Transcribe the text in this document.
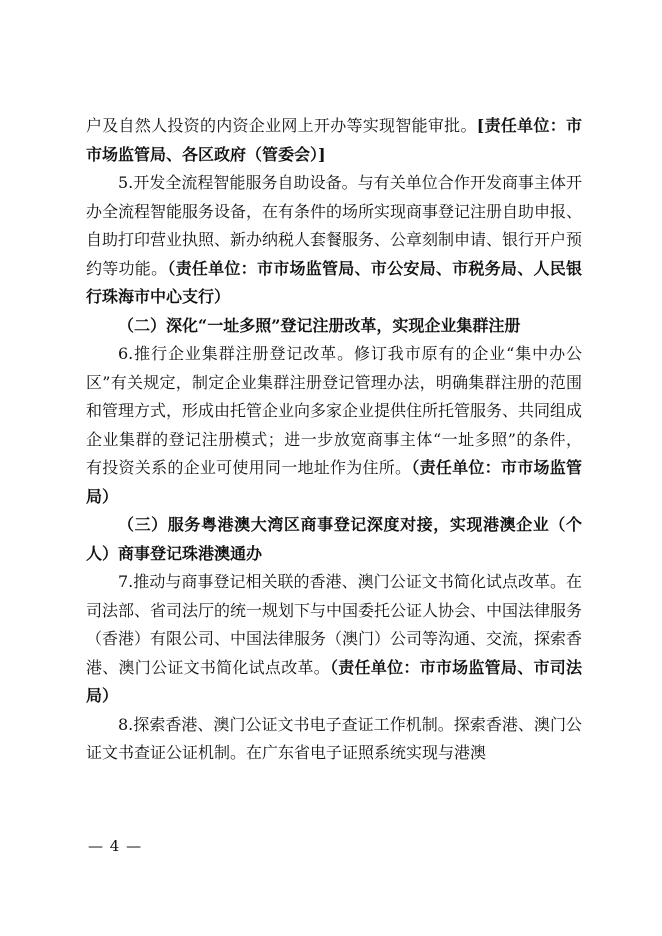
户及自然人投资的内资企业网上开办等实现智能审批。[责任单位：市市场监管局、各区政府（管委会）]

5.开发全流程智能服务自助设备。与有关单位合作开发商事主体开办全流程智能服务设备，在有条件的场所实现商事登记注册自助申报、自助打印营业执照、新办纳税人套餐服务、公章刻制申请、银行开户预约等功能。（责任单位：市市场监管局、市公安局、市税务局、人民银行珠海市中心支行）

（二）深化“一址多照”登记注册改革，实现企业集群注册

6.推行企业集群注册登记改革。修订我市原有的企业“集中办公区”有关规定，制定企业集群注册登记管理办法，明确集群注册的范围和管理方式，形成由托管企业向多家企业提供住所托管服务、共同组成企业集群的登记注册模式；进一步放宽商事主体“一址多照”的条件，有投资关系的企业可使用同一地址作为住所。（责任单位：市市场监管局）

（三）服务粤港澳大湾区商事登记深度对接，实现港澳企业（个人）商事登记珠港澳通办

7.推动与商事登记相关联的香港、澳门公证文书简化试点改革。在司法部、省司法厅的统一规划下与中国委托公证人协会、中国法律服务（香港）有限公司、中国法律服务（澳门）公司等沟通、交流，探索香港、澳门公证文书简化试点改革。（责任单位：市市场监管局、市司法局）

8.探索香港、澳门公证文书电子查证工作机制。探索香港、澳门公证文书查证公证机制。在广东省电子证照系统实现与港澳

— 4 —
